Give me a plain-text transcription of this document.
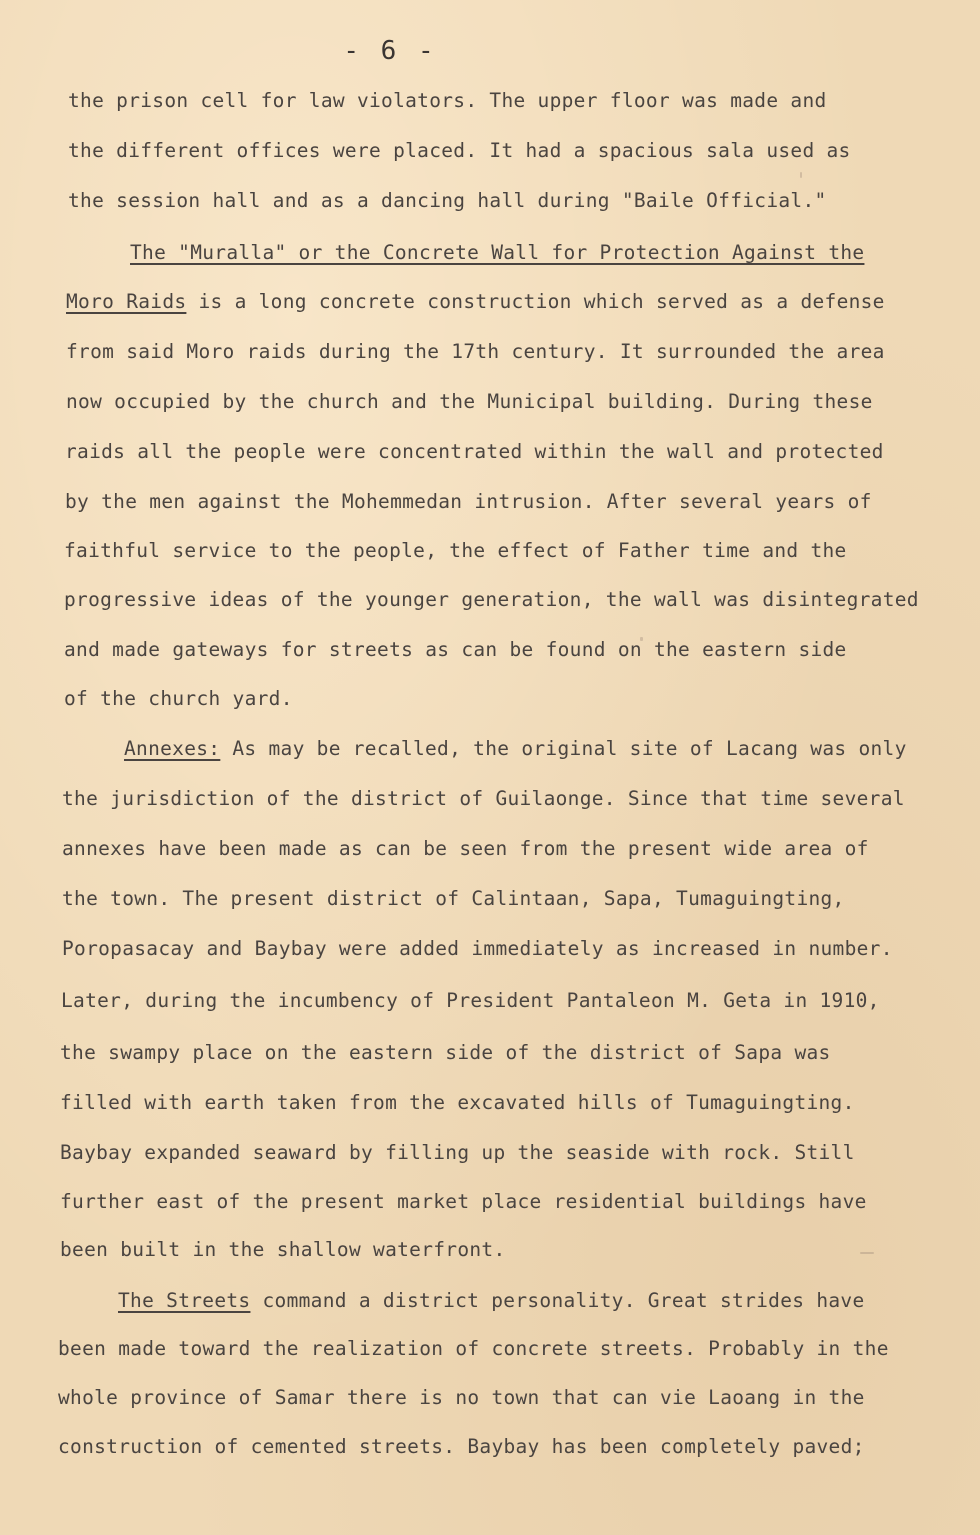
- 6 -
the prison cell for law violators. The upper floor was made and
the different offices were placed. It had a spacious sala used as
the session hall and as a dancing hall during "Baile Official."
The "Muralla" or the Concrete Wall for Protection Against the
Moro Raids is a long concrete construction which served as a defense
from said Moro raids during the 17th century. It surrounded the area
now occupied by the church and the Municipal building. During these
raids all the people were concentrated within the wall and protected
by the men against the Mohemmedan intrusion. After several years of
faithful service to the people, the effect of Father time and the
progressive ideas of the younger generation, the wall was disintegrated
and made gateways for streets as can be found on the eastern side
of the church yard.
Annexes: As may be recalled, the original site of Lacang was only
the jurisdiction of the district of Guilaonge. Since that time several
annexes have been made as can be seen from the present wide area of
the town. The present district of Calintaan, Sapa, Tumaguingting,
Poropasacay and Baybay were added immediately as increased in number.
Later, during the incumbency of President Pantaleon M. Geta in 1910,
the swampy place on the eastern side of the district of Sapa was
filled with earth taken from the excavated hills of Tumaguingting.
Baybay expanded seaward by filling up the seaside with rock. Still
further east of the present market place residential buildings have
been built in the shallow waterfront.
The Streets command a district personality. Great strides have
been made toward the realization of concrete streets. Probably in the
whole province of Samar there is no town that can vie Laoang in the
construction of cemented streets. Baybay has been completely paved;
